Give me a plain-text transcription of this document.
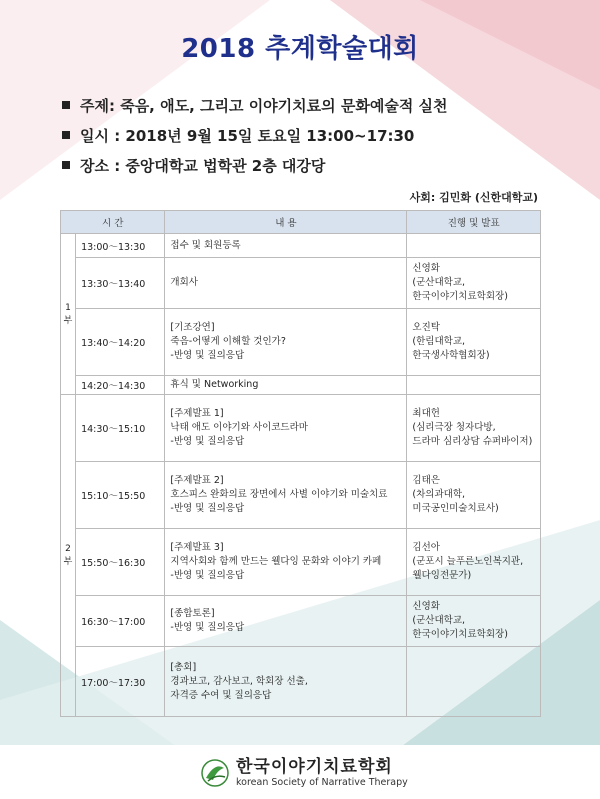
2018 추계학술대회
주제: 죽음, 애도, 그리고 이야기치료의 문화예술적 실천
일시 : 2018년 9월 15일 토요일 13:00~17:30
장소 : 중앙대학교 법학관 2층 대강당
사회: 김민화 (신한대학교)
시 간		내 용	진행 및 발표
1부	13:00～13:30	접수 및 회원등록	

	13:30～13:40	개회사	신영화
(군산대학교,
한국이야기치료학회장)

	13:40～14:20	[기조강연]
죽음-어떻게 이해할 것인가?
-반영 및 질의응답	오진탁
(한림대학교,
한국생사학협회장)

	14:20～14:30	휴식 및 Networking	

2부	14:30～15:10	[주제발표 1]
낙태 애도 이야기와 사이코드라마
-반영 및 질의응답	최대헌
(심리극장 청자다방,
드라마 심리상담 슈퍼바이저)

	15:10～15:50	[주제발표 2]
호스피스 완화의료 장면에서 사별 이야기와 미술치료
-반영 및 질의응답	김태은
(차의과대학,
미국공인미술치료사)

	15:50～16:30	[주제발표 3]
지역사회와 함께 만드는 웰다잉 문화와 이야기 카페
-반영 및 질의응답	김선아
(군포시 늘푸른노인복지관,
웰다잉전문가)

	16:30～17:00	[종합토론]
-반영 및 질의응답	신영화
(군산대학교,
한국이야기치료학회장)

	17:00～17:30	[총회]
경과보고, 감사보고, 학회장 선출,
자격증 수여 및 질의응답	

한국이야기치료학회
korean Society of Narrative Therapy
